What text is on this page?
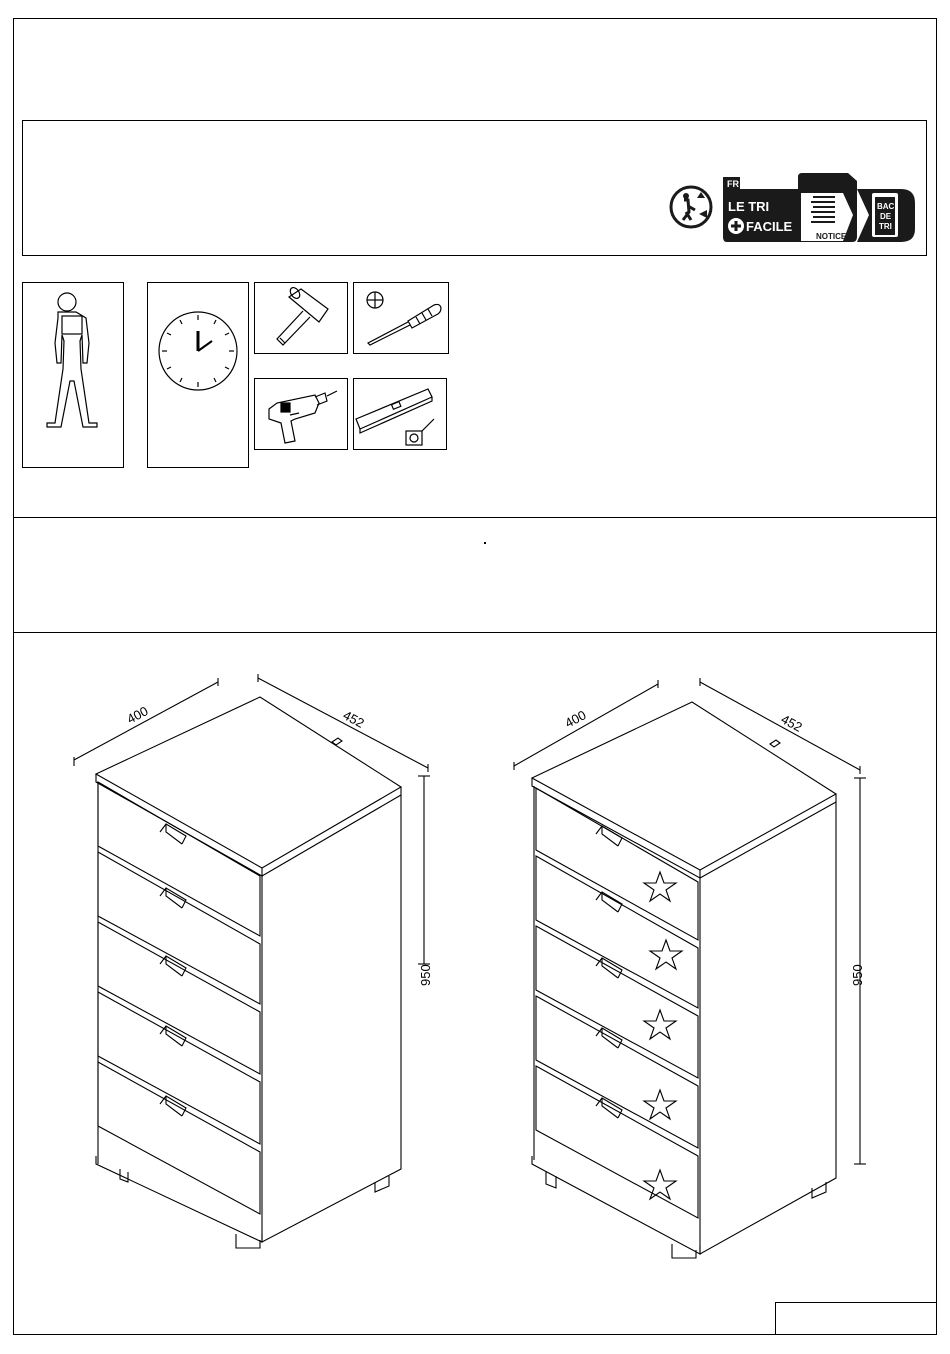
FR
LE TRI
FACILE
NOTICE
BAC
DE
TRI
400	452
950
400	452
950
